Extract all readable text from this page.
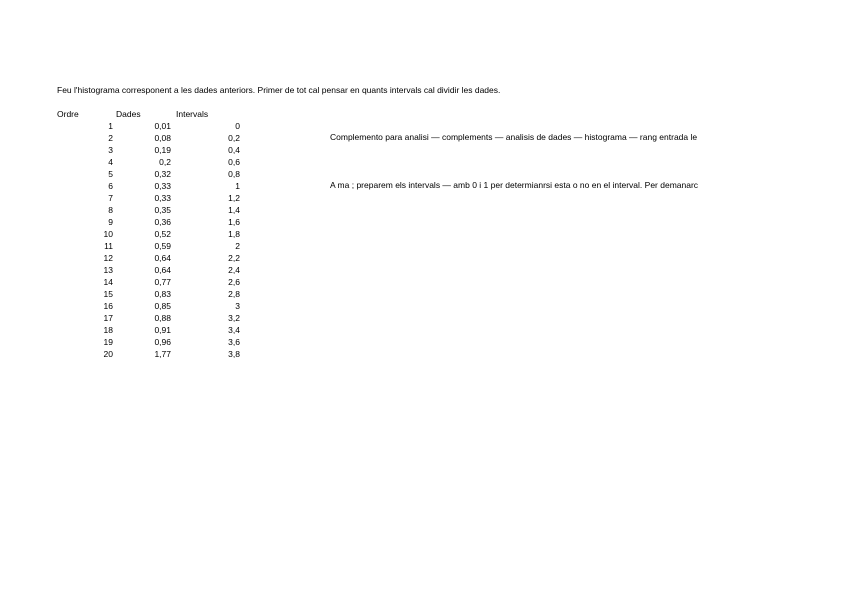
Feu l'histograma corresponent a les dades anteriors. Primer de tot cal pensar en quants intervals cal dividir les dades.
Ordre	Dades	Intervals
1
2
3
4
5
6
7
8
9
10
11
12
13
14
15
16
17
18
19
20
0,01
0,08
0,19
0,2
0,32
0,33
0,33
0,35
0,36
0,52
0,59
0,64
0,64
0,77
0,83
0,85
0,88
0,91
0,96
1,77
0
0,2
0,4
0,6
0,8
1
1,2
1,4
1,6
1,8
2
2,2
2,4
2,6
2,8
3
3,2
3,4
3,6
3,8
Complemento para analisi — complements — analisis de dades — histograma — rang entrada le
A ma ; preparem els intervals — amb 0 i 1 per determianrsi esta o no en el interval. Per demanarc
